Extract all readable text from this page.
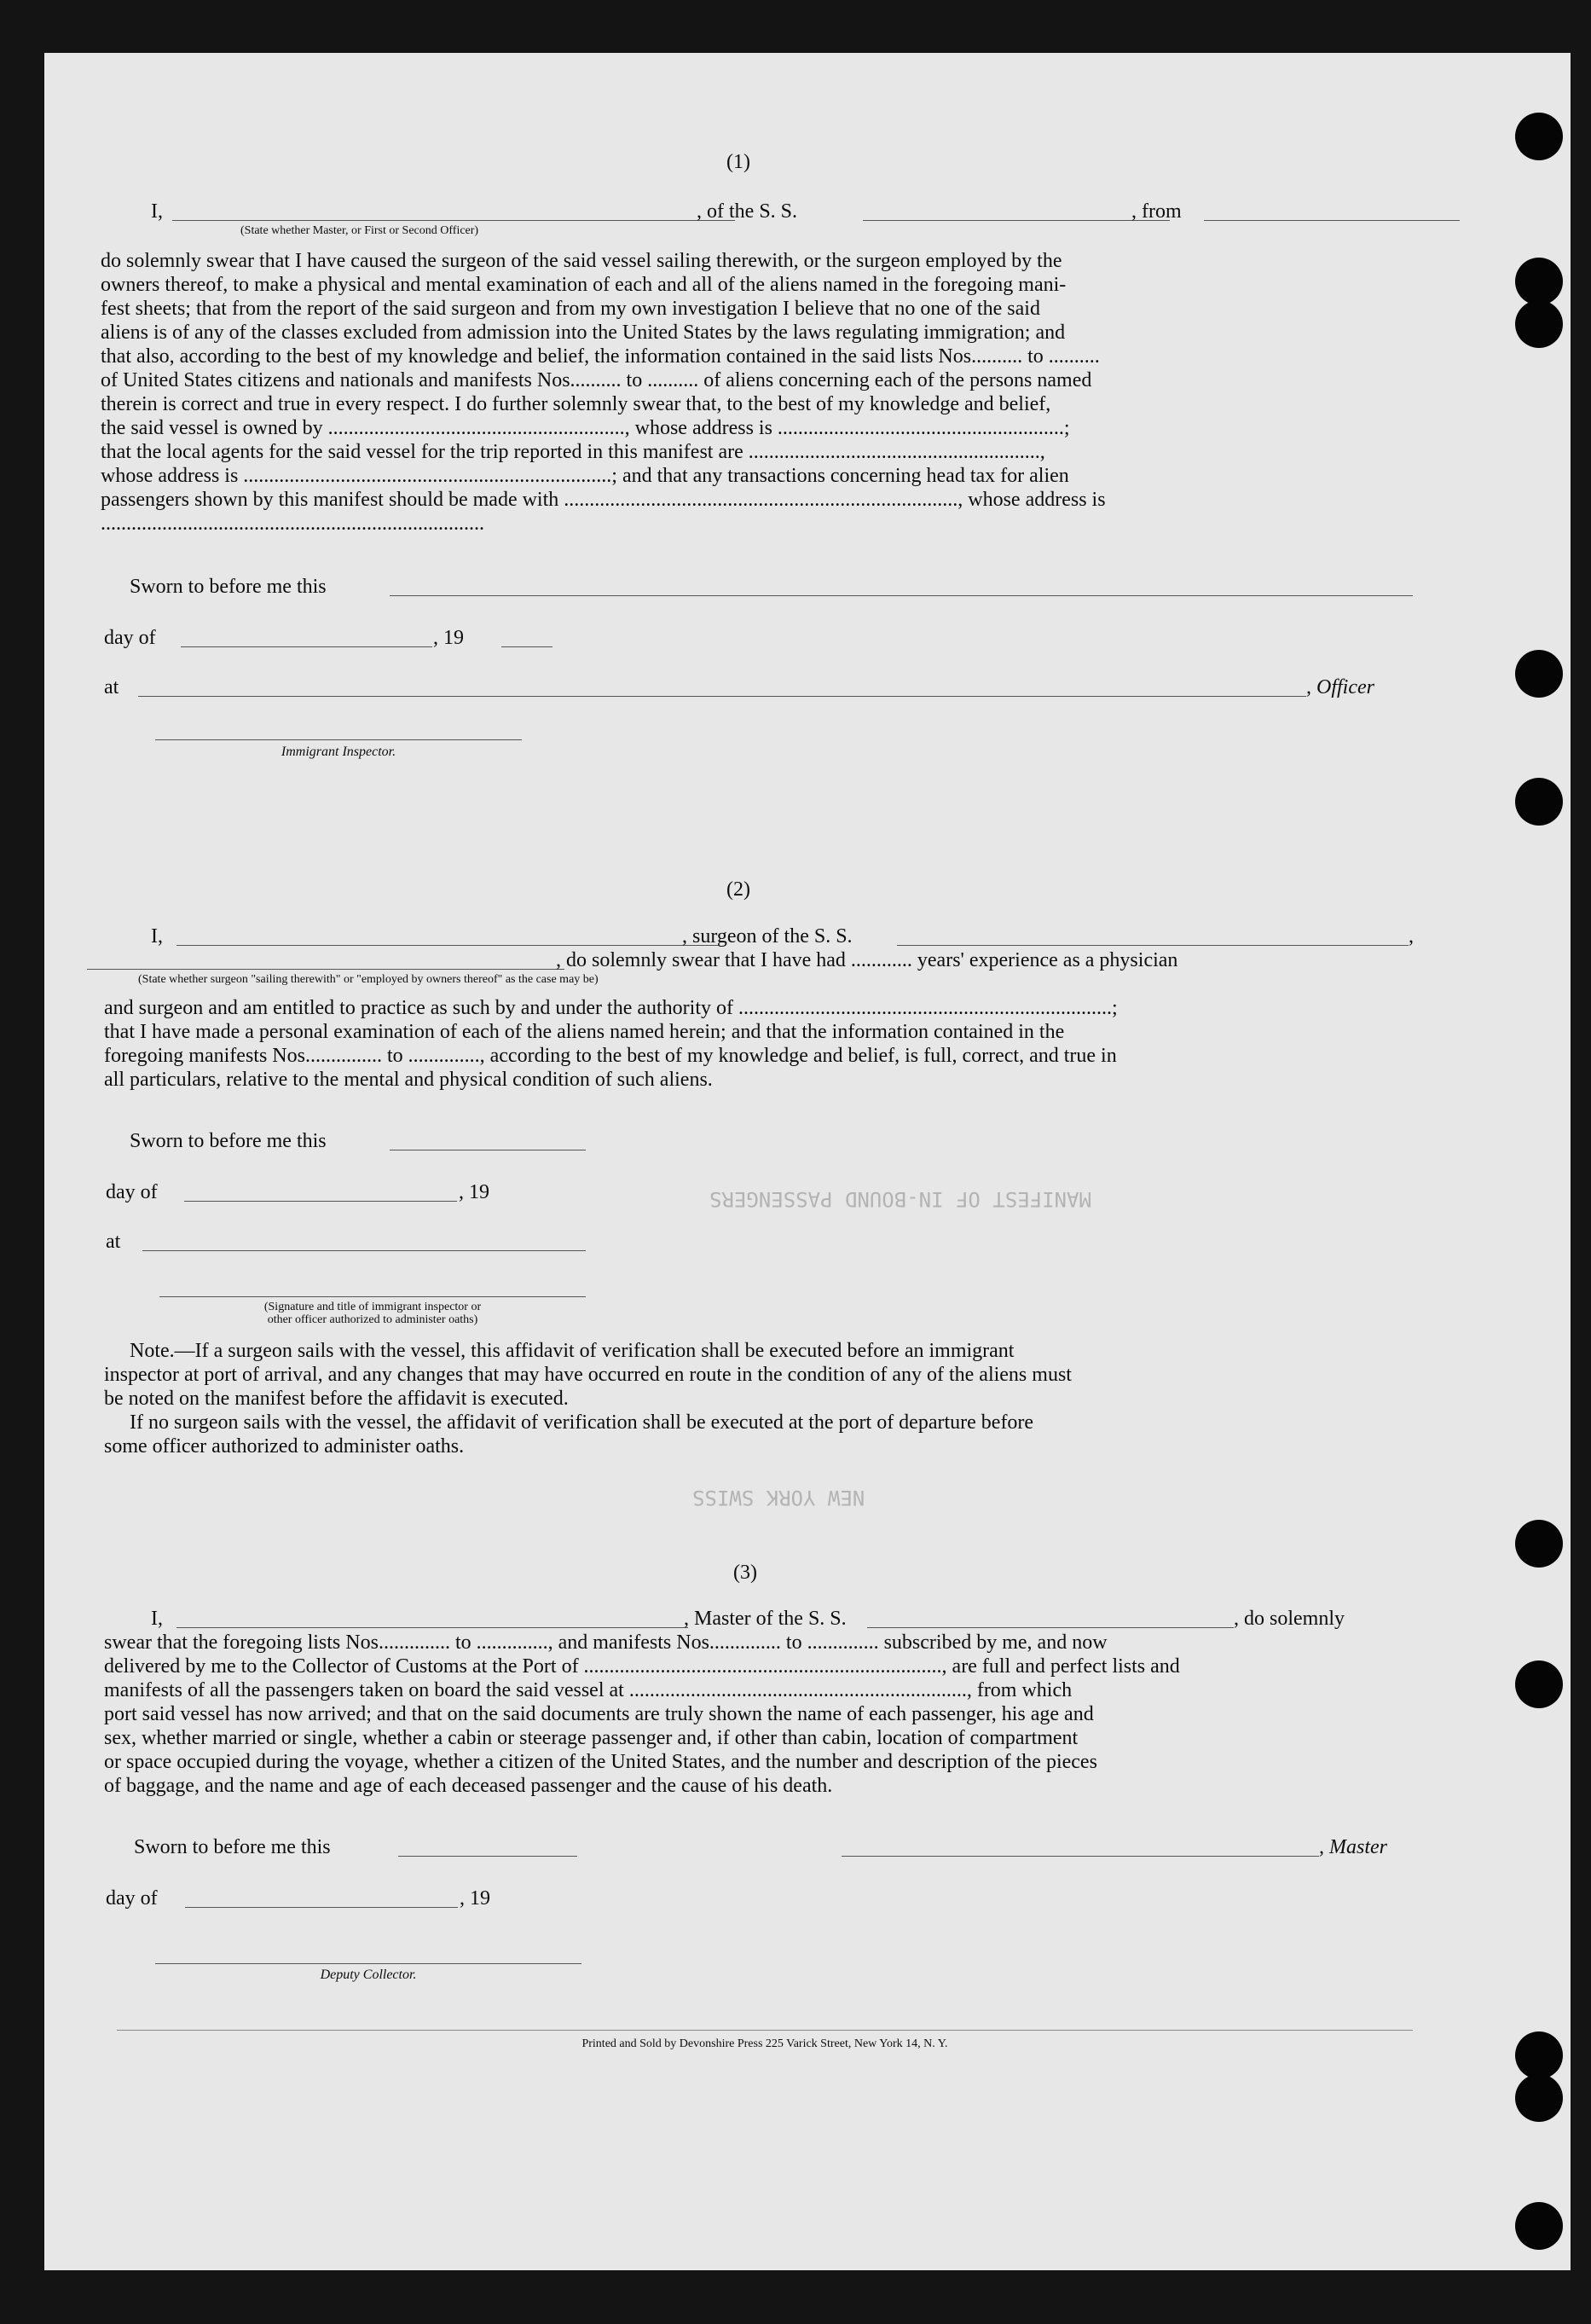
MANIFEST OF IN-BOUND PASSENGERS
NEW YORK SWISS
(1)
I,	, of the S. S.	, from
(State whether Master, or First or Second Officer)
do solemnly swear that I have caused the surgeon of the said vessel sailing therewith, or the surgeon employed by the
owners thereof, to make a physical and mental examination of each and all of the aliens named in the foregoing mani-
fest sheets; that from the report of the said surgeon and from my own investigation I believe that no one of the said
aliens is of any of the classes excluded from admission into the United States by the laws regulating immigration; and
that also, according to the best of my knowledge and belief, the information contained in the said lists Nos.......... to ..........
of United States citizens and nationals and manifests Nos.......... to .......... of aliens concerning each of the persons named
therein is correct and true in every respect. I do further solemnly swear that, to the best of my knowledge and belief,
the said vessel is owned by .........................................................., whose address is ........................................................;
that the local agents for the said vessel for the trip reported in this manifest are .........................................................,
whose address is ........................................................................; and that any transactions concerning head tax for alien
passengers shown by this manifest should be made with ............................................................................., whose address is
...........................................................................
Sworn to before me this
day of	, 19
at	, Officer
Immigrant Inspector.
(2)
I,	, surgeon of the S. S.	,
, do solemnly swear that I have had ............ years' experience as a physician
(State whether surgeon "sailing therewith" or "employed by owners thereof" as the case may be)
and surgeon and am entitled to practice as such by and under the authority of .........................................................................;
that I have made a personal examination of each of the aliens named herein; and that the information contained in the
foregoing manifests Nos............... to .............., according to the best of my knowledge and belief, is full, correct, and true in
all particulars, relative to the mental and physical condition of such aliens.
Sworn to before me this
day of	, 19
at
(Signature and title of immigrant inspector or
other officer authorized to administer oaths)
Note.—If a surgeon sails with the vessel, this affidavit of verification shall be executed before an immigrant
inspector at port of arrival, and any changes that may have occurred en route in the condition of any of the aliens must
be noted on the manifest before the affidavit is executed.
If no surgeon sails with the vessel, the affidavit of verification shall be executed at the port of departure before
some officer authorized to administer oaths.
(3)
I,	, Master of the S. S.	, do solemnly
swear that the foregoing lists Nos.............. to .............., and manifests Nos.............. to .............. subscribed by me, and now
delivered by me to the Collector of Customs at the Port of ......................................................................, are full and perfect lists and
manifests of all the passengers taken on board the said vessel at .................................................................., from which
port said vessel has now arrived; and that on the said documents are truly shown the name of each passenger, his age and
sex, whether married or single, whether a cabin or steerage passenger and, if other than cabin, location of compartment
or space occupied during the voyage, whether a citizen of the United States, and the number and description of the pieces
of baggage, and the name and age of each deceased passenger and the cause of his death.
Sworn to before me this	, Master
day of	, 19
Deputy Collector.
Printed and Sold by Devonshire Press 225 Varick Street, New York 14, N. Y.
